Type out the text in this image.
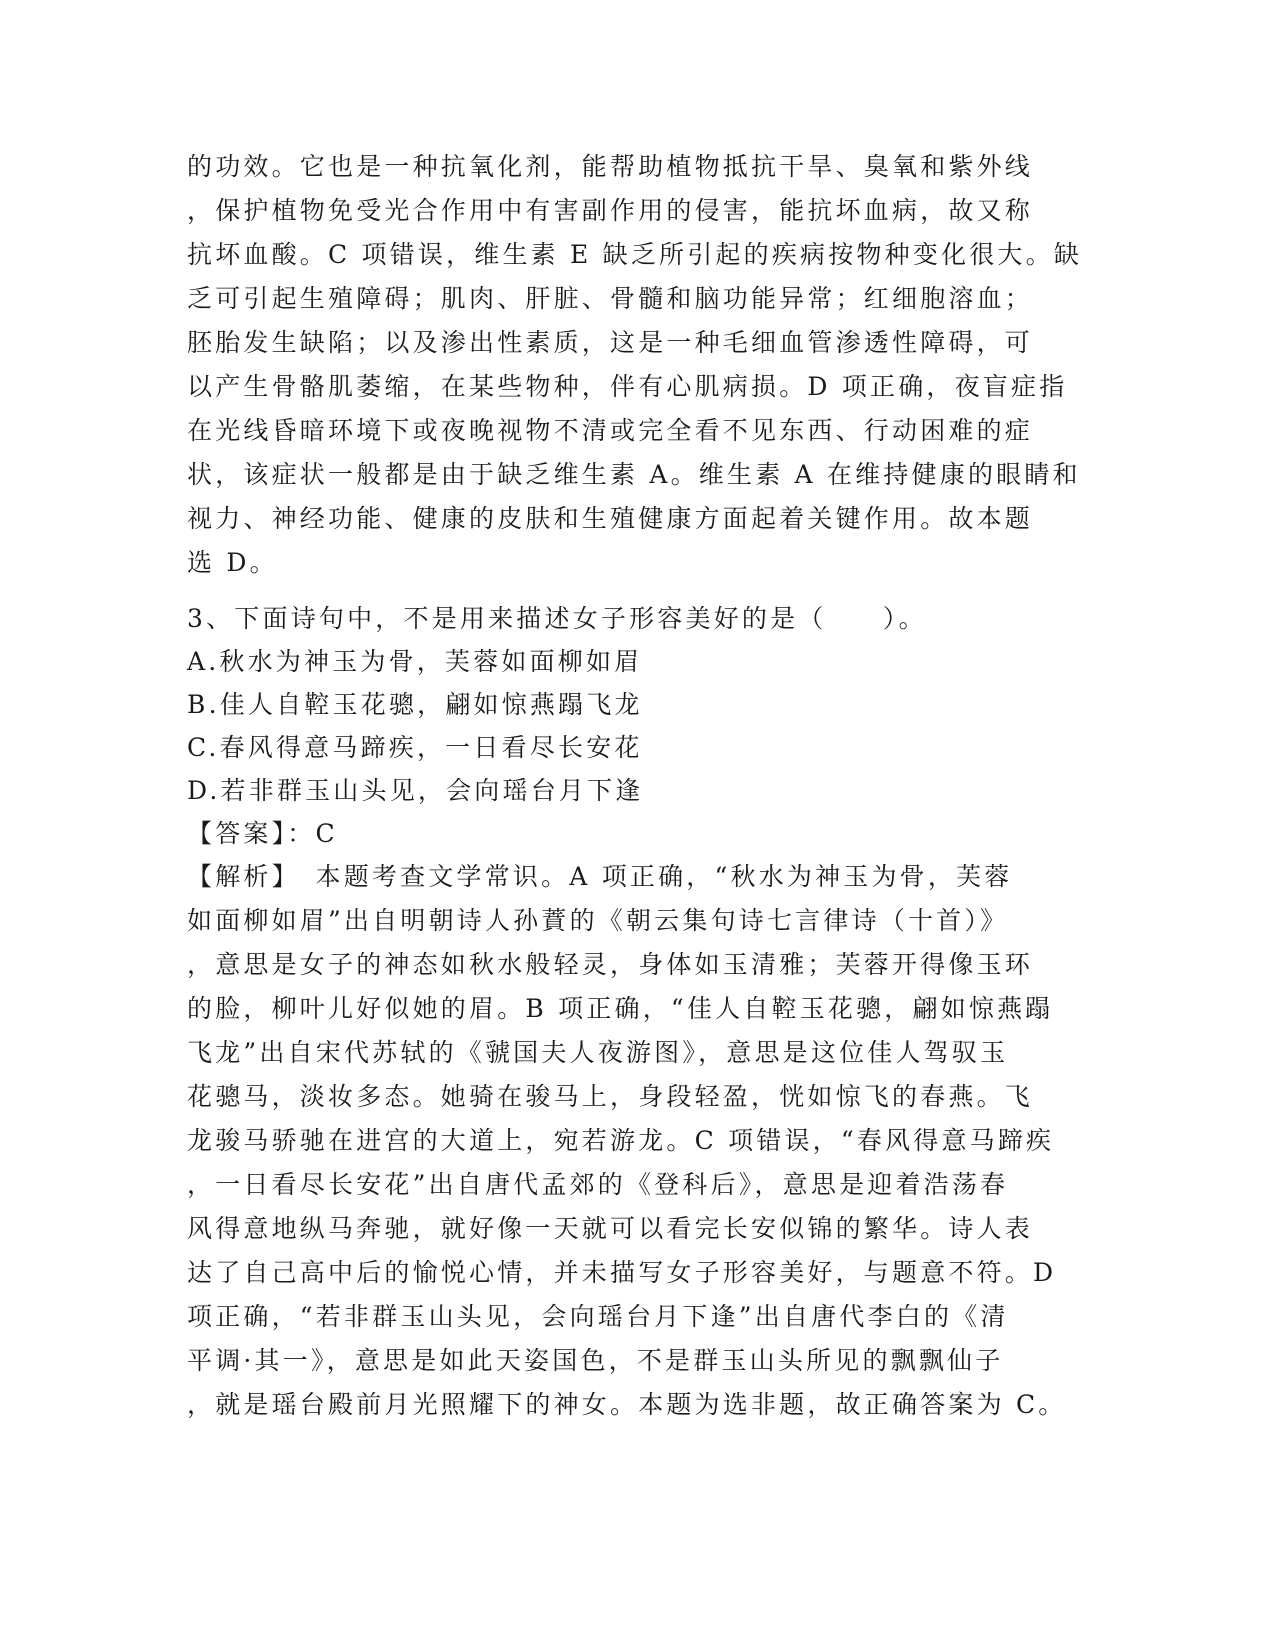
的功效。它也是一种抗氧化剂，能帮助植物抵抗干旱、臭氧和紫外线
，保护植物免受光合作用中有害副作用的侵害，能抗坏血病，故又称
抗坏血酸。C 项错误，维生素 E 缺乏所引起的疾病按物种变化很大。缺
乏可引起生殖障碍；肌肉、肝脏、骨髓和脑功能异常；红细胞溶血；
胚胎发生缺陷；以及渗出性素质，这是一种毛细血管渗透性障碍，可
以产生骨骼肌萎缩，在某些物种，伴有心肌病损。D 项正确，夜盲症指
在光线昏暗环境下或夜晚视物不清或完全看不见东西、行动困难的症
状，该症状一般都是由于缺乏维生素 A。维生素 A 在维持健康的眼睛和
视力、神经功能、健康的皮肤和生殖健康方面起着关键作用。故本题
选 D。
3、下面诗句中，不是用来描述女子形容美好的是（　　）。
A.秋水为神玉为骨，芙蓉如面柳如眉
B.佳人自鞚玉花骢，翩如惊燕蹋飞龙
C.春风得意马蹄疾，一日看尽长安花
D.若非群玉山头见，会向瑶台月下逢
【答案】：C
【解析】　本题考查文学常识。A 项正确，“秋水为神玉为骨，芙蓉
如面柳如眉”出自明朝诗人孙蕡的《朝云集句诗七言律诗（十首）》
，意思是女子的神态如秋水般轻灵，身体如玉清雅；芙蓉开得像玉环
的脸，柳叶儿好似她的眉。B 项正确，“佳人自鞚玉花骢，翩如惊燕蹋
飞龙”出自宋代苏轼的《虢国夫人夜游图》，意思是这位佳人驾驭玉
花骢马，淡妆多态。她骑在骏马上，身段轻盈，恍如惊飞的春燕。飞
龙骏马骄驰在进宫的大道上，宛若游龙。C 项错误，“春风得意马蹄疾
，一日看尽长安花”出自唐代孟郊的《登科后》，意思是迎着浩荡春
风得意地纵马奔驰，就好像一天就可以看完长安似锦的繁华。诗人表
达了自己高中后的愉悦心情，并未描写女子形容美好，与题意不符。D
项正确，“若非群玉山头见，会向瑶台月下逢”出自唐代李白的《清
平调·其一》，意思是如此天姿国色，不是群玉山头所见的飘飘仙子
，就是瑶台殿前月光照耀下的神女。本题为选非题，故正确答案为 C。
